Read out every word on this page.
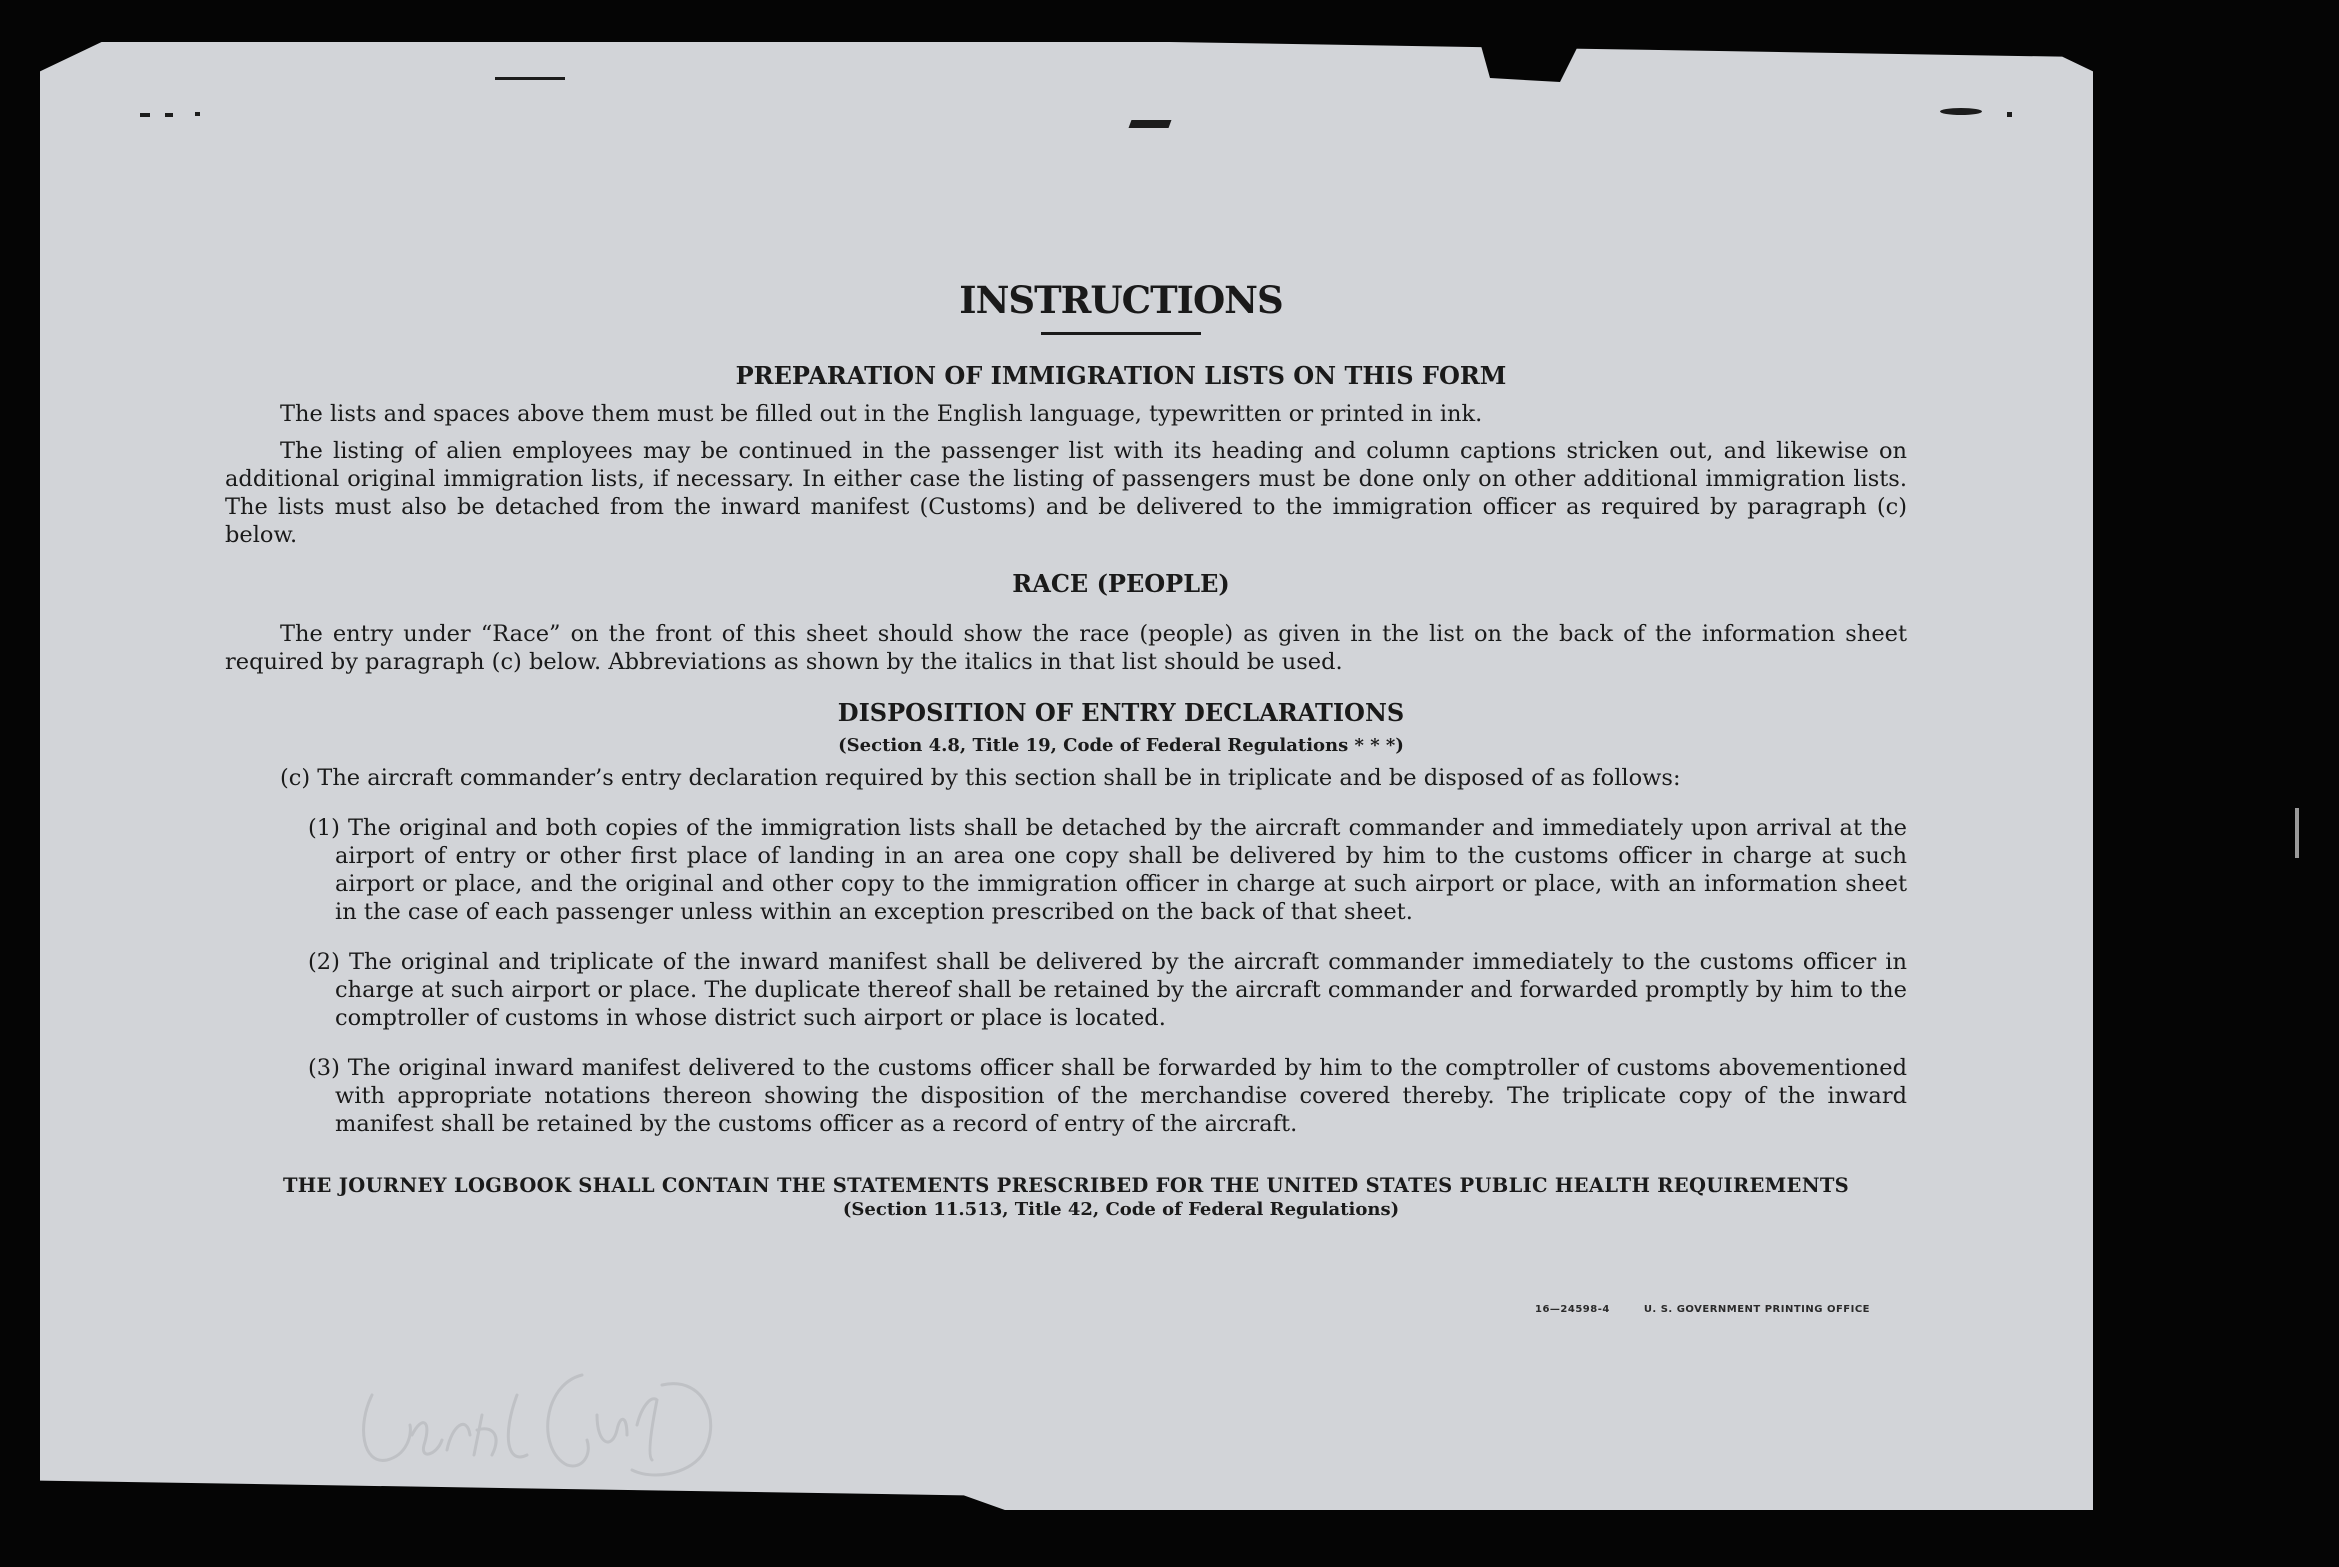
INSTRUCTIONS
PREPARATION OF IMMIGRATION LISTS ON THIS FORM

The lists and spaces above them must be filled out in the English language, typewritten or printed in ink.

The listing of alien employees may be continued in the passenger list with its heading and column captions stricken out, and likewise on additional original immigration lists, if necessary. In either case the listing of passengers must be done only on other additional immigration lists. The lists must also be detached from the inward manifest (Customs) and be delivered to the immigration officer as required by paragraph (c) below.

RACE (PEOPLE)

The entry under “Race” on the front of this sheet should show the race (people) as given in the list on the back of the information sheet required by paragraph (c) below. Abbreviations as shown by the italics in that list should be used.

DISPOSITION OF ENTRY DECLARATIONS
(Section 4.8, Title 19, Code of Federal Regulations * * *)

(c) The aircraft commander’s entry declaration required by this section shall be in triplicate and be disposed of as follows:

(1) The original and both copies of the immigration lists shall be detached by the aircraft commander and immediately upon arrival at the airport of entry or other first place of landing in an area one copy shall be delivered by him to the customs officer in charge at such airport or place, and the original and other copy to the immigration officer in charge at such airport or place, with an information sheet in the case of each passenger unless within an exception prescribed on the back of that sheet.

(2) The original and triplicate of the inward manifest shall be delivered by the aircraft commander immediately to the customs officer in charge at such airport or place. The duplicate thereof shall be retained by the aircraft commander and forwarded promptly by him to the comptroller of customs in whose district such airport or place is located.

(3) The original inward manifest delivered to the customs officer shall be forwarded by him to the comptroller of customs abovementioned with appropriate notations thereon showing the disposition of the merchandise covered thereby. The triplicate copy of the inward manifest shall be retained by the customs officer as a record of entry of the aircraft.

THE JOURNEY LOGBOOK SHALL CONTAIN THE STATEMENTS PRESCRIBED FOR THE UNITED STATES PUBLIC HEALTH REQUIREMENTS
(Section 11.513, Title 42, Code of Federal Regulations)
16—24598-4	U. S. GOVERNMENT PRINTING OFFICE
